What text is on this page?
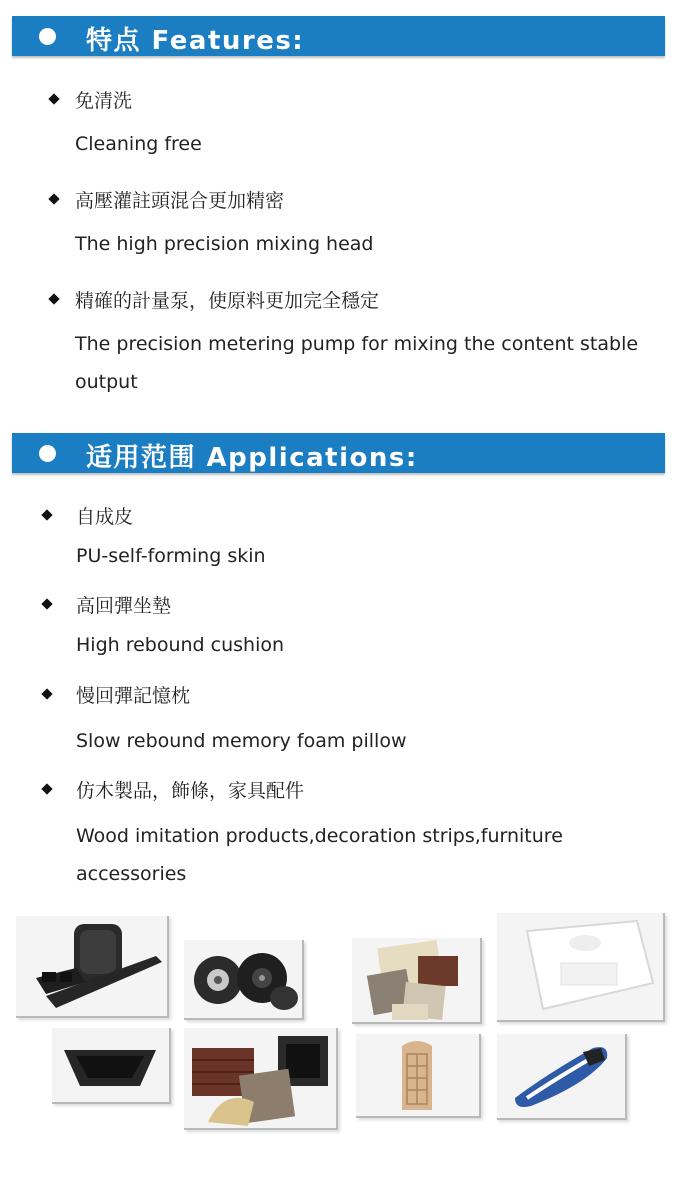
特点 Features:
免清洗
Cleaning free
高壓灌註頭混合更加精密
The high precision mixing head
精確的計量泵，使原料更加完全穩定
The precision metering pump for mixing the content stable output
适用范围 Applications:
自成皮
PU-self-forming skin
高回彈坐墊
High rebound cushion
慢回彈記憶枕
Slow rebound memory foam pillow
仿木製品，飾條，家具配件
Wood imitation products,decoration strips,furniture accessories
